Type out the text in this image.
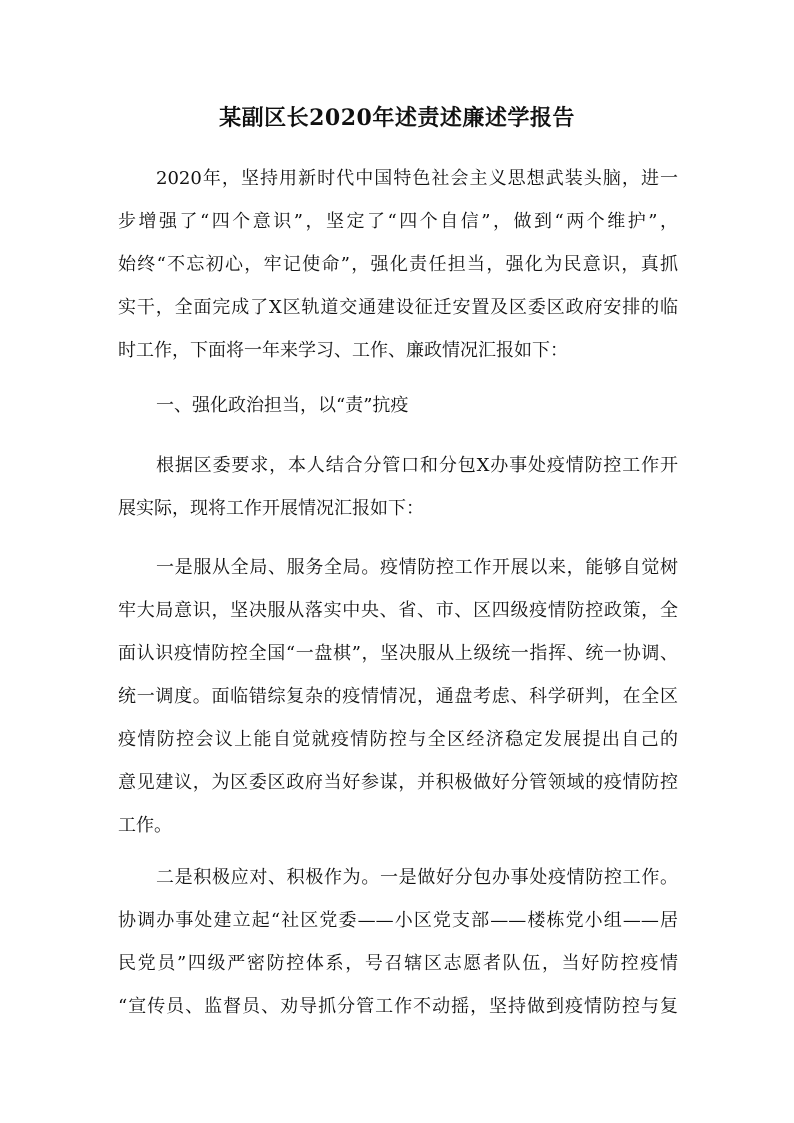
某副区长2020年述责述廉述学报告
2020年，坚持用新时代中国特色社会主义思想武装头脑，进一
步增强了“四个意识”，坚定了“四个自信”，做到“两个维护”，
始终“不忘初心，牢记使命”，强化责任担当，强化为民意识，真抓
实干，全面完成了X区轨道交通建设征迁安置及区委区政府安排的临
时工作，下面将一年来学习、工作、廉政情况汇报如下：
一、强化政治担当，以“责”抗疫
根据区委要求，本人结合分管口和分包X办事处疫情防控工作开
展实际，现将工作开展情况汇报如下：
一是服从全局、服务全局。疫情防控工作开展以来，能够自觉树
牢大局意识，坚决服从落实中央、省、市、区四级疫情防控政策，全
面认识疫情防控全国“一盘棋”，坚决服从上级统一指挥、统一协调、
统一调度。面临错综复杂的疫情情况，通盘考虑、科学研判，在全区
疫情防控会议上能自觉就疫情防控与全区经济稳定发展提出自己的
意见建议，为区委区政府当好参谋，并积极做好分管领域的疫情防控
工作。
二是积极应对、积极作为。一是做好分包办事处疫情防控工作。
协调办事处建立起“社区党委——小区党支部——楼栋党小组——居
民党员”四级严密防控体系，号召辖区志愿者队伍，当好防控疫情
“宣传员、监督员、劝导抓分管工作不动摇，坚持做到疫情防控与复
